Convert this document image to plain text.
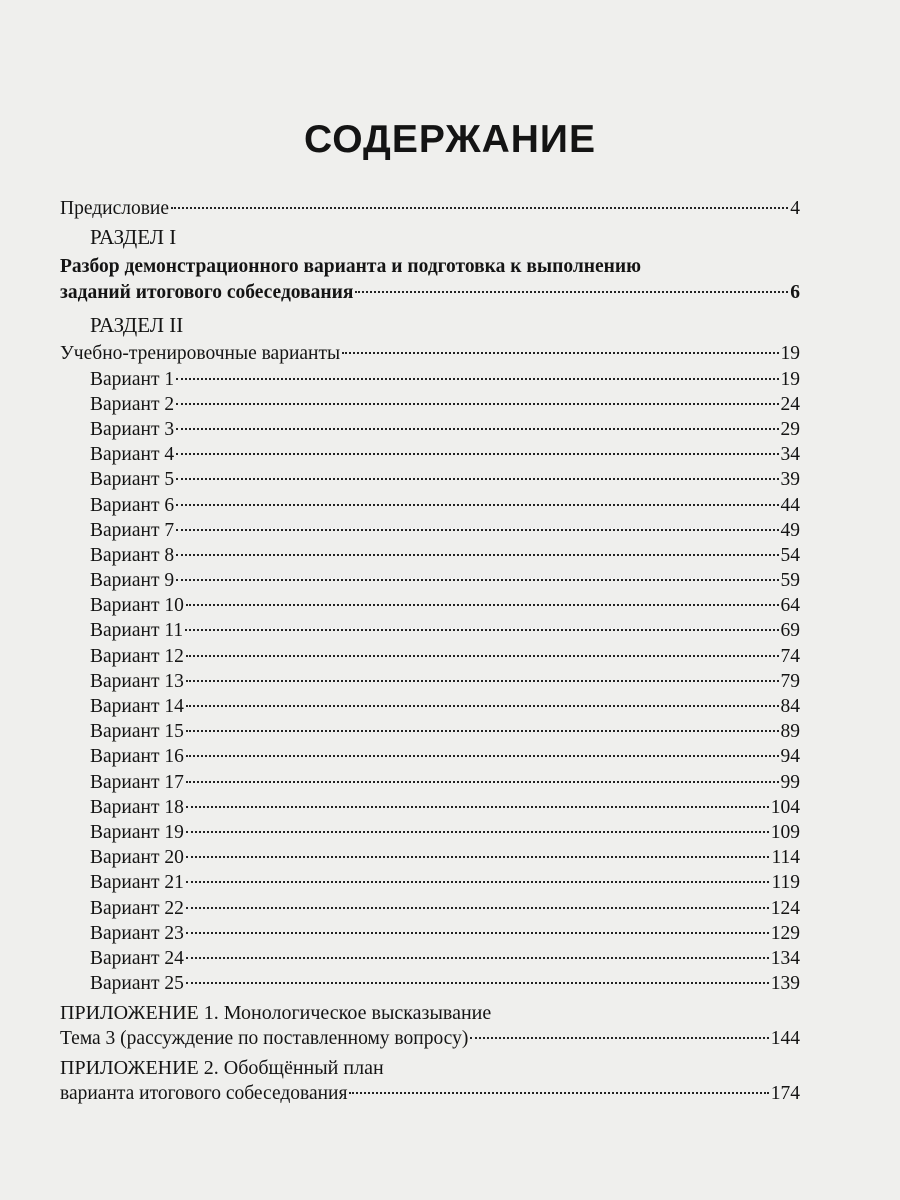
СОДЕРЖАНИЕ
Предисловие	4
РАЗДЕЛ I
Разбор демонстрационного варианта и подготовка к выполнению
заданий итогового собеседования	6
РАЗДЕЛ II
Учебно-тренировочные варианты	19
Вариант 1	19
Вариант 2	24
Вариант 3	29
Вариант 4	34
Вариант 5	39
Вариант 6	44
Вариант 7	49
Вариант 8	54
Вариант 9	59
Вариант 10	64
Вариант 11	69
Вариант 12	74
Вариант 13	79
Вариант 14	84
Вариант 15	89
Вариант 16	94
Вариант 17	99
Вариант 18	104
Вариант 19	109
Вариант 20	114
Вариант 21	119
Вариант 22	124
Вариант 23	129
Вариант 24	134
Вариант 25	139
ПРИЛОЖЕНИЕ 1. Монологическое высказывание
Тема 3 (рассуждение по поставленному вопросу)	144
ПРИЛОЖЕНИЕ 2. Обобщённый план
варианта итогового собеседования	174
